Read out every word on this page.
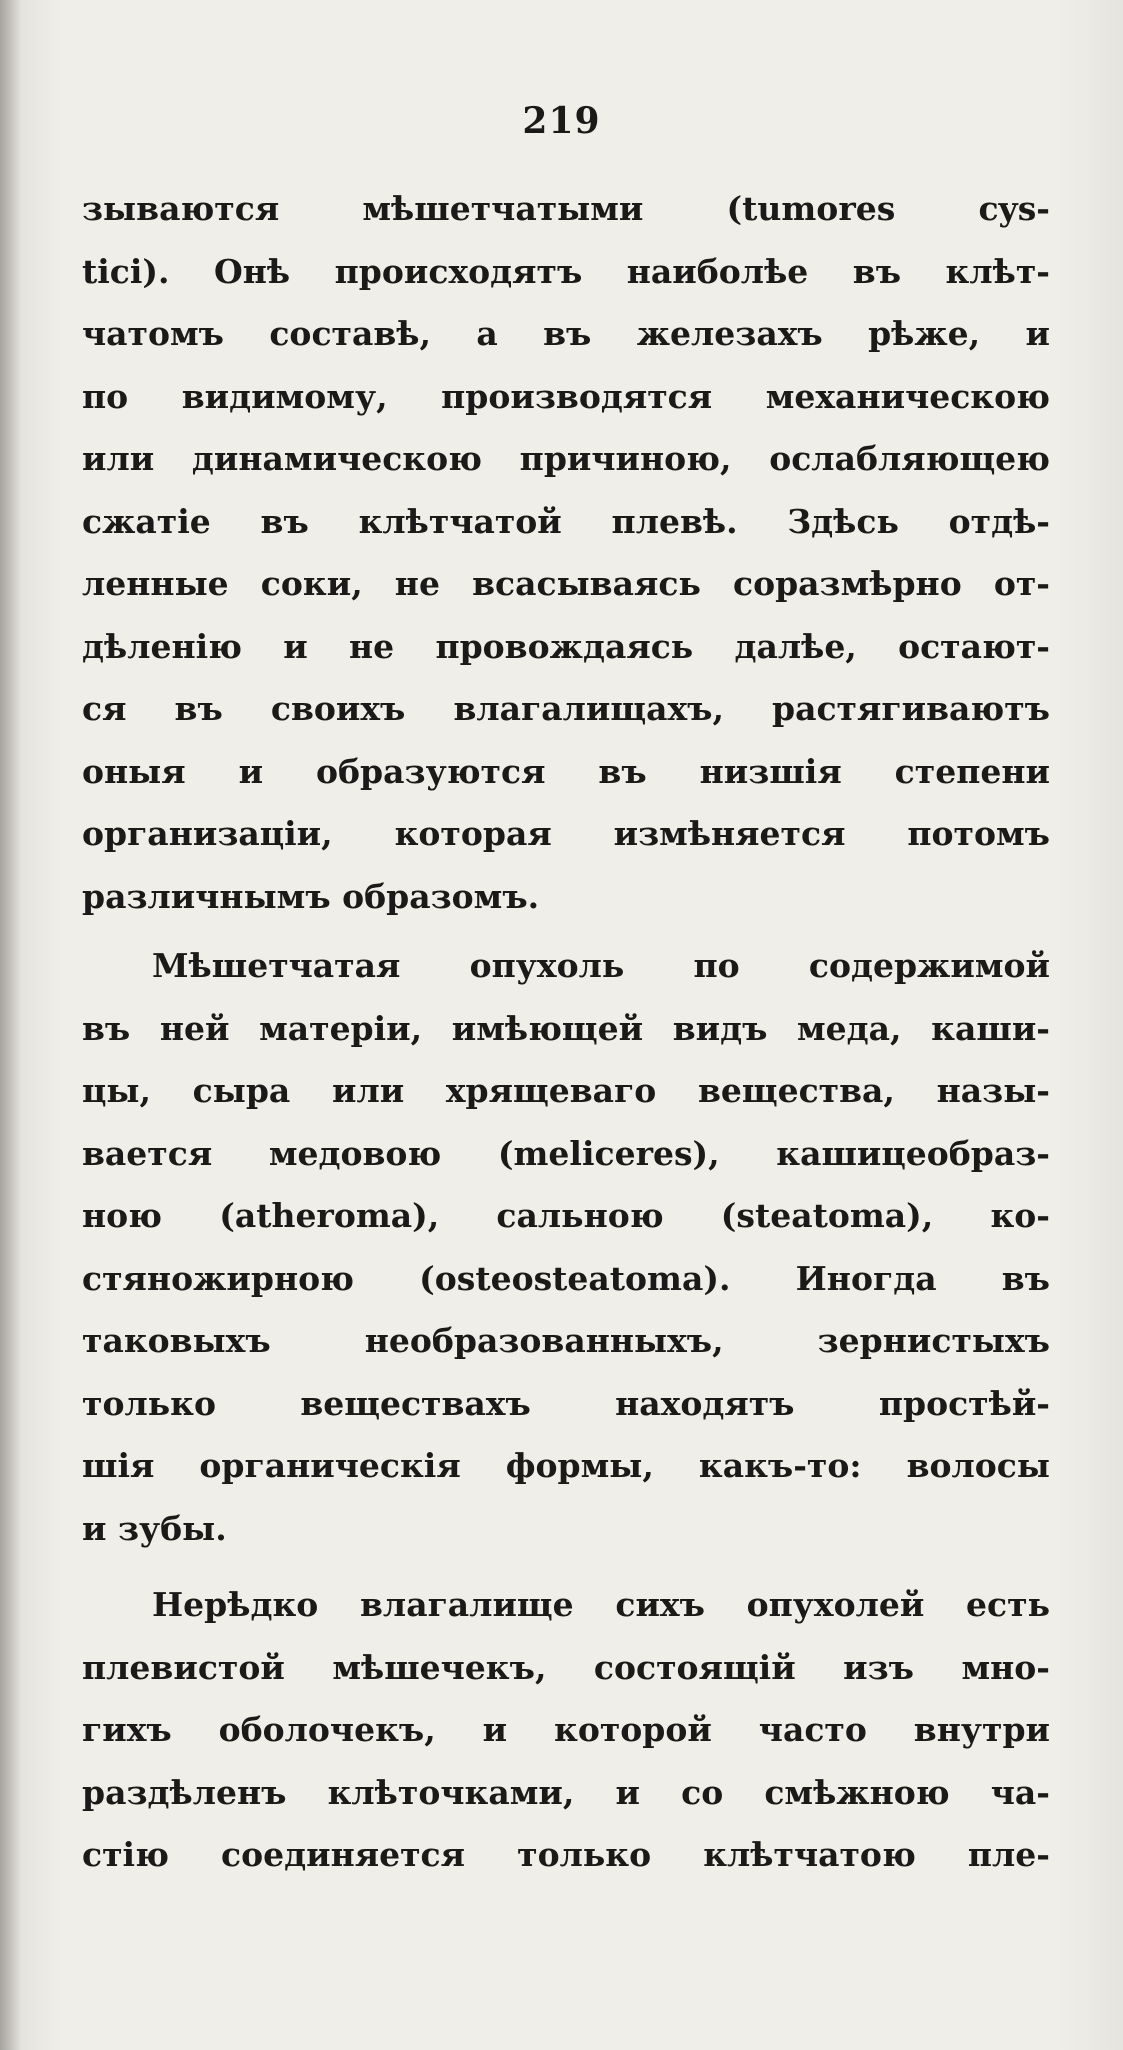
219

зываются мѣшетчатыми (tumores cys-
tici). Онѣ происходятъ наиболѣе въ клѣт-
чатомъ составѣ, а въ железахъ рѣже, и
по видимому, производятся механическою
или динамическою причиною, ослабляющею
сжатіе въ клѣтчатой плевѣ. Здѣсь отдѣ-
ленные соки, не всасываясь соразмѣрно от-
дѣленію и не провождаясь далѣе, остают-
ся въ своихъ влагалищахъ, растягиваютъ
оныя и образуются въ низшія степени
организаціи, которая измѣняется потомъ
различнымъ образомъ.

Мѣшетчатая опухоль по содержимой
въ ней матеріи, имѣющей видъ меда, каши-
цы, сыра или хрящеваго вещества, назы-
вается медовою (meliceres), кашицеобраз-
ною (atheroma), сальною (steatoma), ко-
стяножирною (osteosteatoma). Иногда въ
таковыхъ необразованныхъ, зернистыхъ
только веществахъ находятъ простѣй-
шія органическія формы, какъ-то: волосы
и зубы.

Нерѣдко влагалище сихъ опухолей есть
плевистой мѣшечекъ, состоящій изъ мно-
гихъ оболочекъ, и которой часто внутри
раздѣленъ клѣточками, и со смѣжною ча-
стію соединяется только клѣтчатою пле-
